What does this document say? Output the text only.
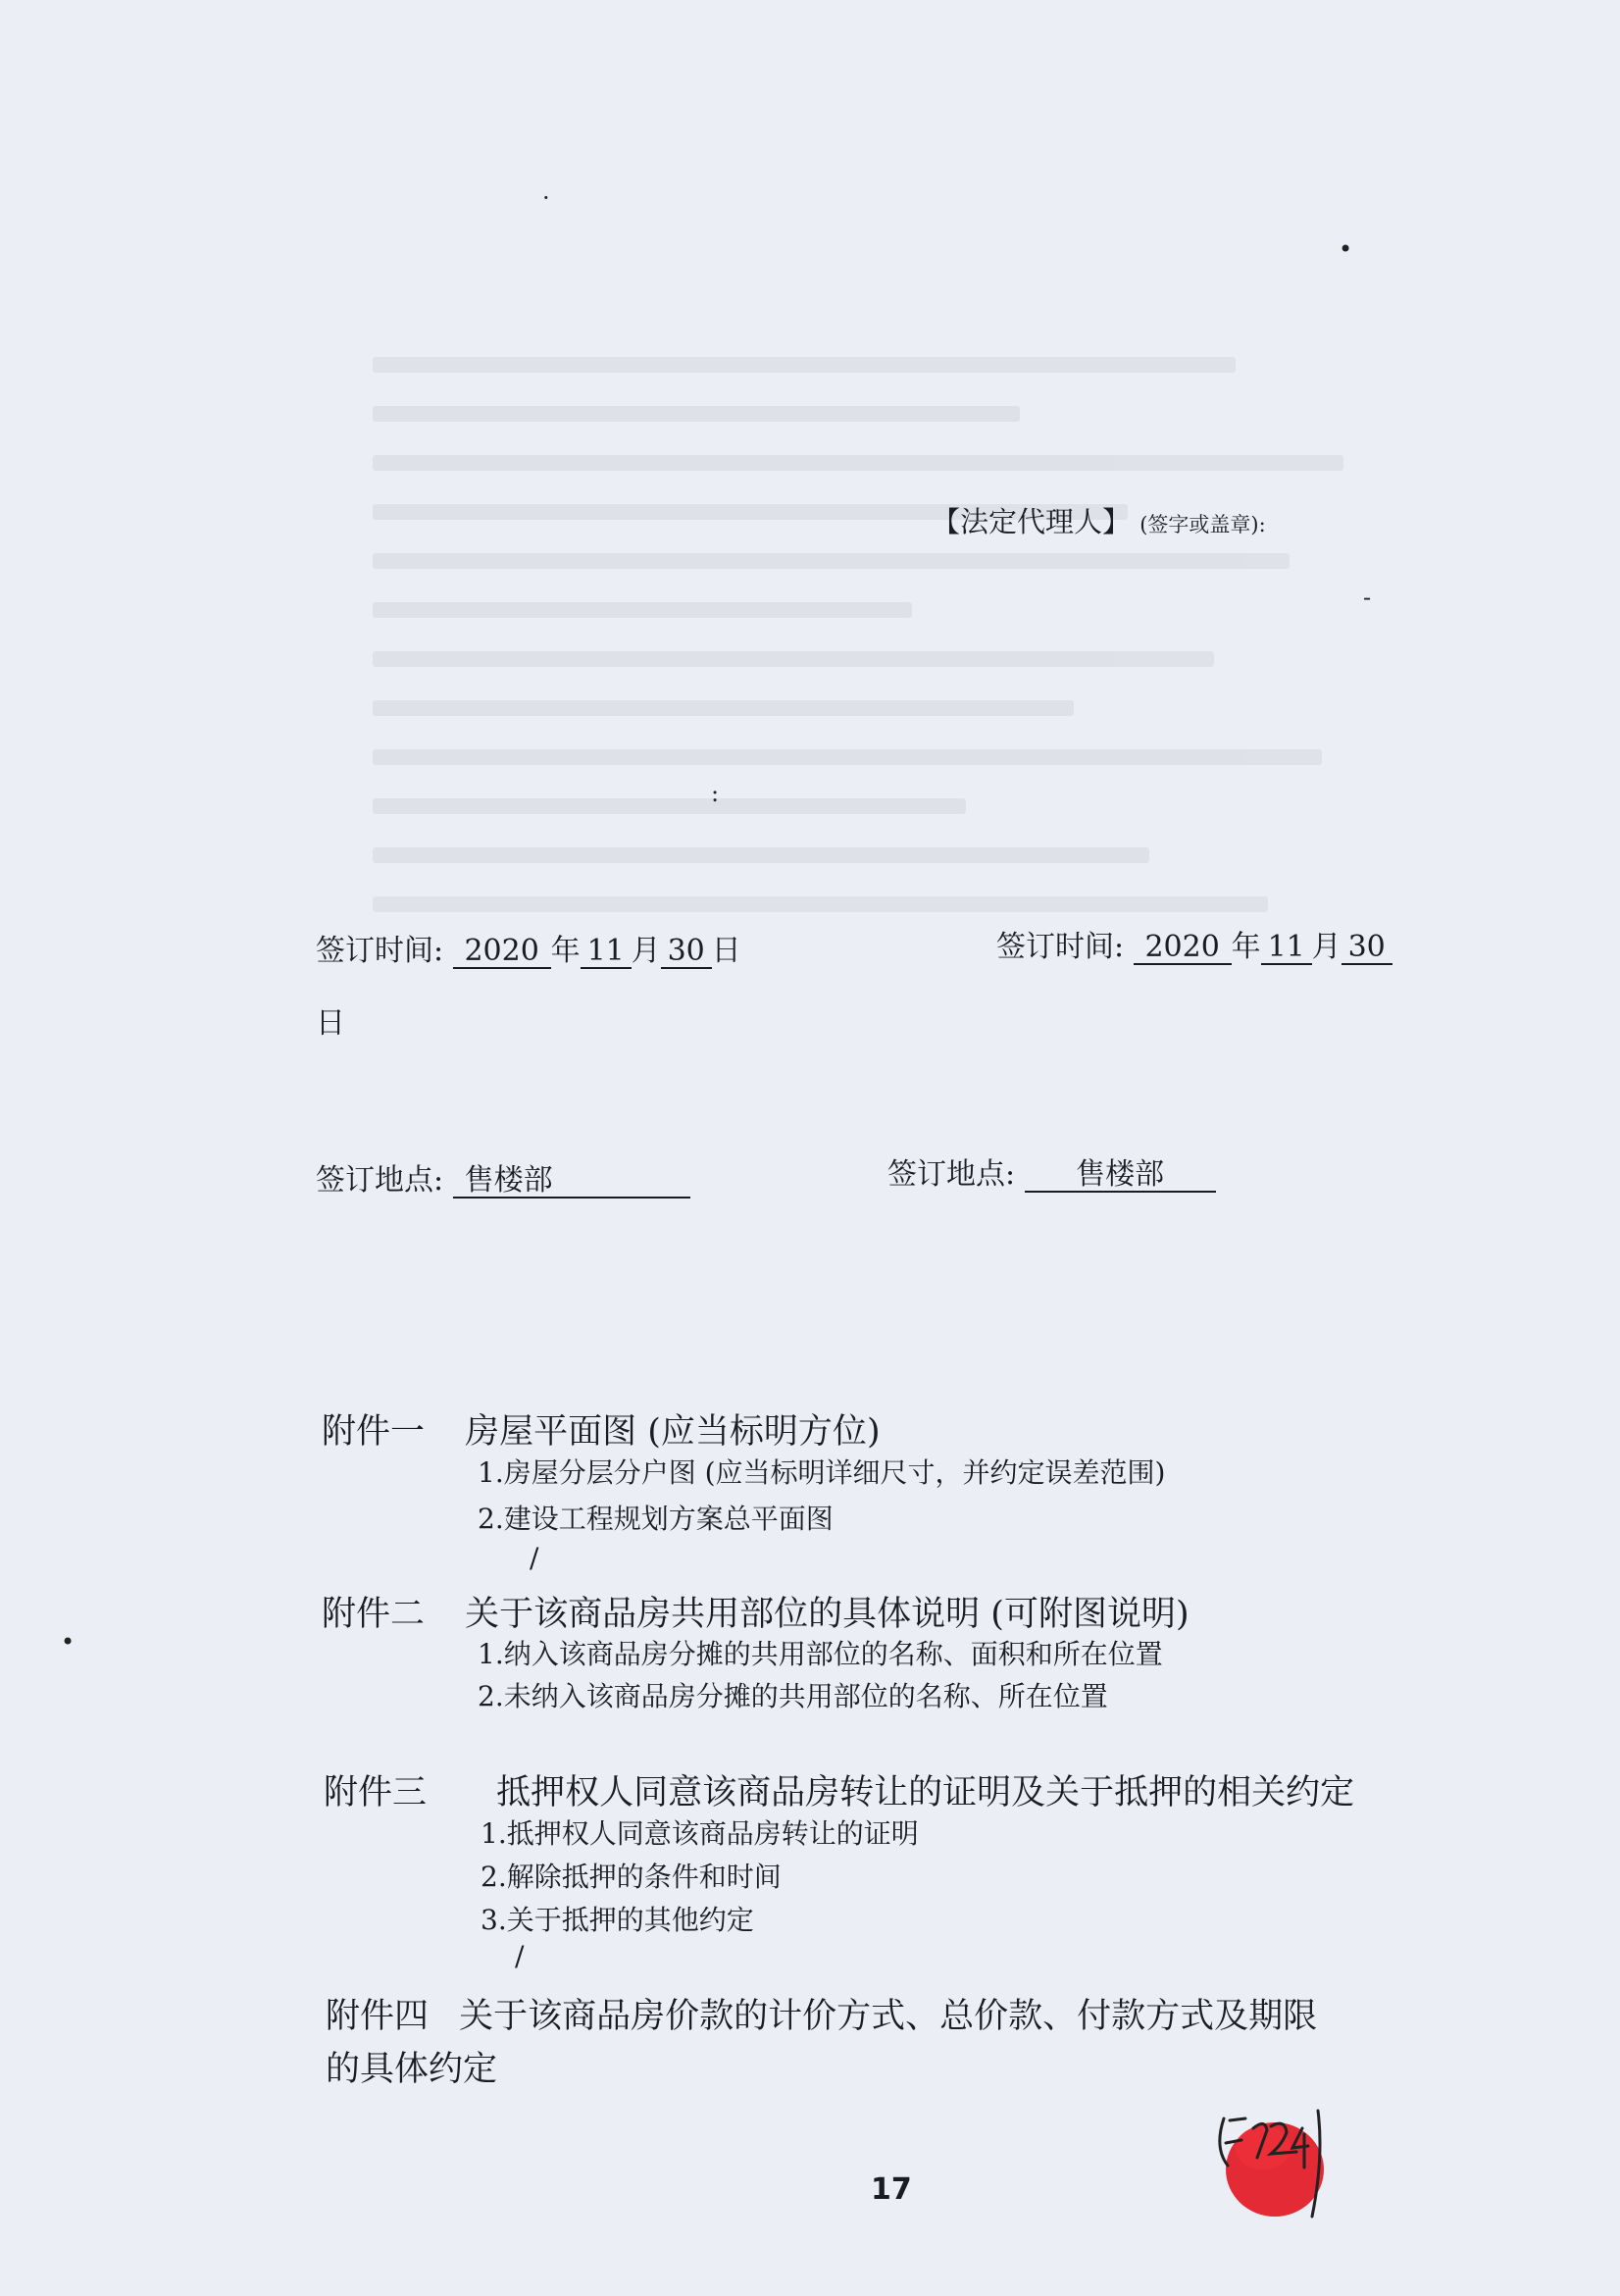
【法定代理人】 (签字或盖章):
签订时间: 2020 年 11 月 30 日	签订时间: 2020 年 11 月 30
日
签订地点: 售楼部	签订地点: 售楼部
附件一 房屋平面图 (应当标明方位)
1.房屋分层分户图 (应当标明详细尺寸，并约定误差范围)
2.建设工程规划方案总平面图
/
附件二 关于该商品房共用部位的具体说明 (可附图说明)
1.纳入该商品房分摊的共用部位的名称、面积和所在位置
2.未纳入该商品房分摊的共用部位的名称、所在位置
附件三 抵押权人同意该商品房转让的证明及关于抵押的相关约定
1.抵押权人同意该商品房转让的证明
2.解除抵押的条件和时间
3.关于抵押的其他约定
/
附件四 关于该商品房价款的计价方式、总价款、付款方式及期限
的具体约定
17
·
•
:
•
-
